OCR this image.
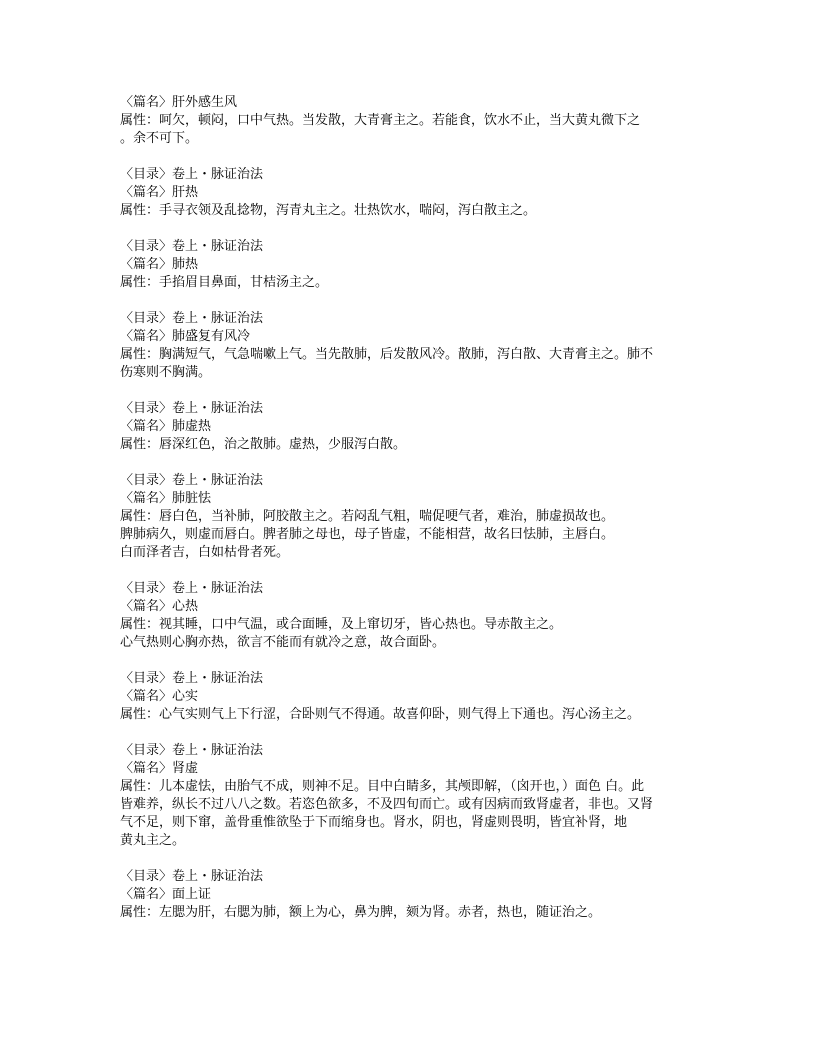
〈篇名〉肝外感生风
属性：呵欠，顿闷，口中气热。当发散，大青膏主之。若能食，饮水不止，当大黄丸微下之
。余不可下。
〈目录〉卷上・脉证治法
〈篇名〉肝热
属性：手寻衣领及乱捻物，泻青丸主之。壮热饮水，喘闷，泻白散主之。
〈目录〉卷上・脉证治法
〈篇名〉肺热
属性：手掐眉目鼻面，甘桔汤主之。
〈目录〉卷上・脉证治法
〈篇名〉肺盛复有风冷
属性：胸满短气，气急喘嗽上气。当先散肺，后发散风冷。散肺，泻白散、大青膏主之。肺不
伤寒则不胸满。
〈目录〉卷上・脉证治法
〈篇名〉肺虚热
属性：唇深红色，治之散肺。虚热，少服泻白散。
〈目录〉卷上・脉证治法
〈篇名〉肺脏怯
属性：唇白色，当补肺，阿胶散主之。若闷乱气粗，喘促哽气者，难治，肺虚损故也。
脾肺病久，则虚而唇白。脾者肺之母也，母子皆虚，不能相营，故名曰怯肺，主唇白。
白而泽者吉，白如枯骨者死。
〈目录〉卷上・脉证治法
〈篇名〉心热
属性：视其睡，口中气温，或合面睡，及上窜切牙，皆心热也。导赤散主之。
心气热则心胸亦热，欲言不能而有就冷之意，故合面卧。
〈目录〉卷上・脉证治法
〈篇名〉心实
属性：心气实则气上下行涩，合卧则气不得通。故喜仰卧，则气得上下通也。泻心汤主之。
〈目录〉卷上・脉证治法
〈篇名〉肾虚
属性：儿本虚怯，由胎气不成，则神不足。目中白睛多，其颅即解，（囟开也，）面色 白。此
皆难养，纵长不过八八之数。若恣色欲多，不及四旬而亡。或有因病而致肾虚者，非也。又肾
气不足，则下窜，盖骨重惟欲坠于下而缩身也。肾水，阴也，肾虚则畏明，皆宜补肾，地
黄丸主之。
〈目录〉卷上・脉证治法
〈篇名〉面上证
属性：左腮为肝，右腮为肺，额上为心，鼻为脾，颏为肾。赤者，热也，随证治之。
